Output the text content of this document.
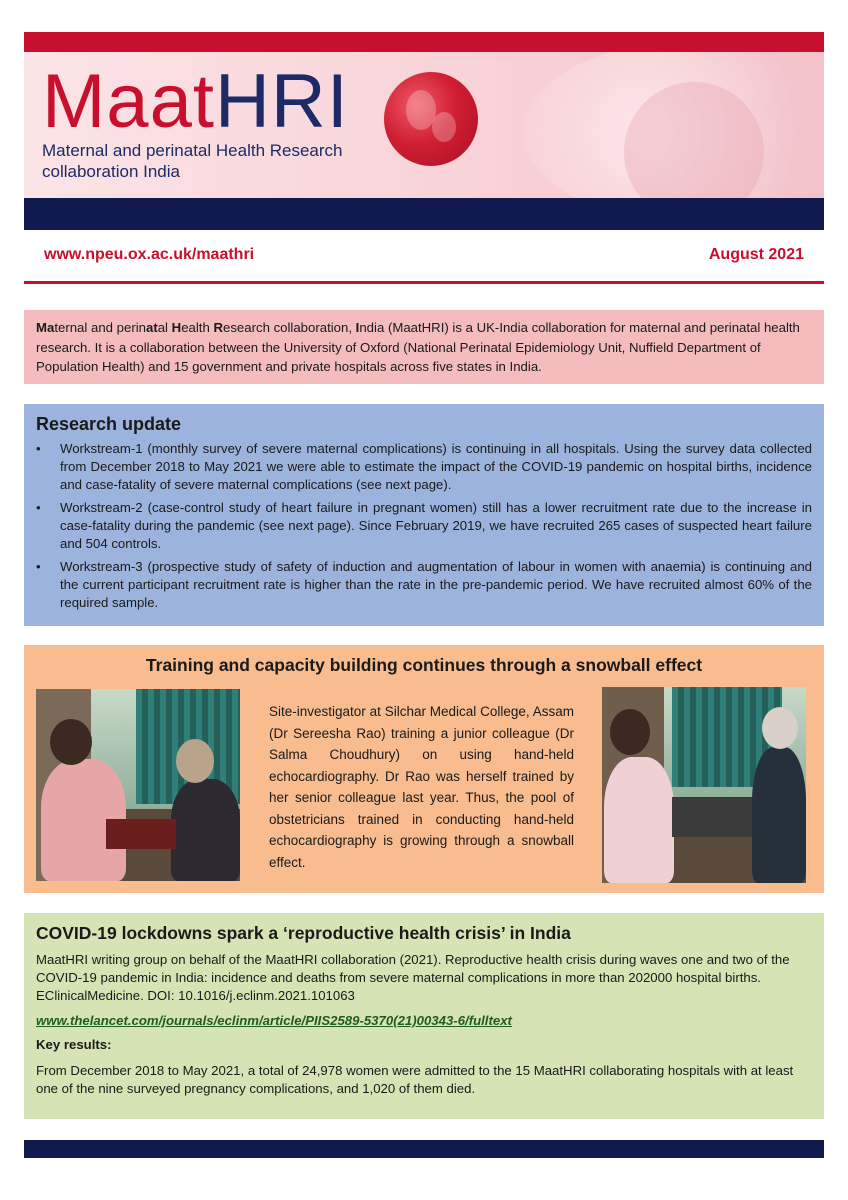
MaatHRI
Maternal and perinatal Health Research
collaboration India
www.npeu.ox.ac.uk/maathri	August 2021
Maternal and perinatal Health Research collaboration, India (MaatHRI) is a UK-India collaboration for maternal and perinatal health research. It is a collaboration between the University of Oxford (National Perinatal Epidemiology Unit, Nuffield Department of Population Health) and 15 government and private hospitals across five states in India.
Research update
• Workstream-1 (monthly survey of severe maternal complications) is continuing in all hospitals. Using the survey data collected from December 2018 to May 2021 we were able to estimate the impact of the COVID-19 pandemic on hospital births, incidence and case-fatality of severe maternal complications (see next page).
• Workstream-2 (case-control study of heart failure in pregnant women) still has a lower recruitment rate due to the increase in case-fatality during the pandemic (see next page). Since February 2019, we have recruited 265 cases of suspected heart failure and 504 controls.
• Workstream-3 (prospective study of safety of induction and augmentation of labour in women with anaemia) is continuing and the current participant recruitment rate is higher than the rate in the pre-pandemic period. We have recruited almost 60% of the required sample.
Training and capacity building continues through a snowball effect
Site-investigator at Silchar Medical College, Assam (Dr Sereesha Rao) training a junior colleague (Dr Salma Choudhury) on using hand-held echocardiography. Dr Rao was herself trained by her senior colleague last year. Thus, the pool of obstetricians trained in conducting hand-held echocardiography is growing through a snowball effect.
COVID-19 lockdowns spark a ‘reproductive health crisis’ in India

MaatHRI writing group on behalf of the MaatHRI collaboration (2021). Reproductive health crisis during waves one and two of the COVID-19 pandemic in India: incidence and deaths from severe maternal complications in more than 202000 hospital births. EClinicalMedicine. DOI: 10.1016/j.eclinm.2021.101063

www.thelancet.com/journals/eclinm/article/PIIS2589-5370(21)00343-6/fulltext

Key results:

From December 2018 to May 2021, a total of 24,978 women were admitted to the 15 MaatHRI collaborating hospitals with at least one of the nine surveyed pregnancy complications, and 1,020 of them died.
